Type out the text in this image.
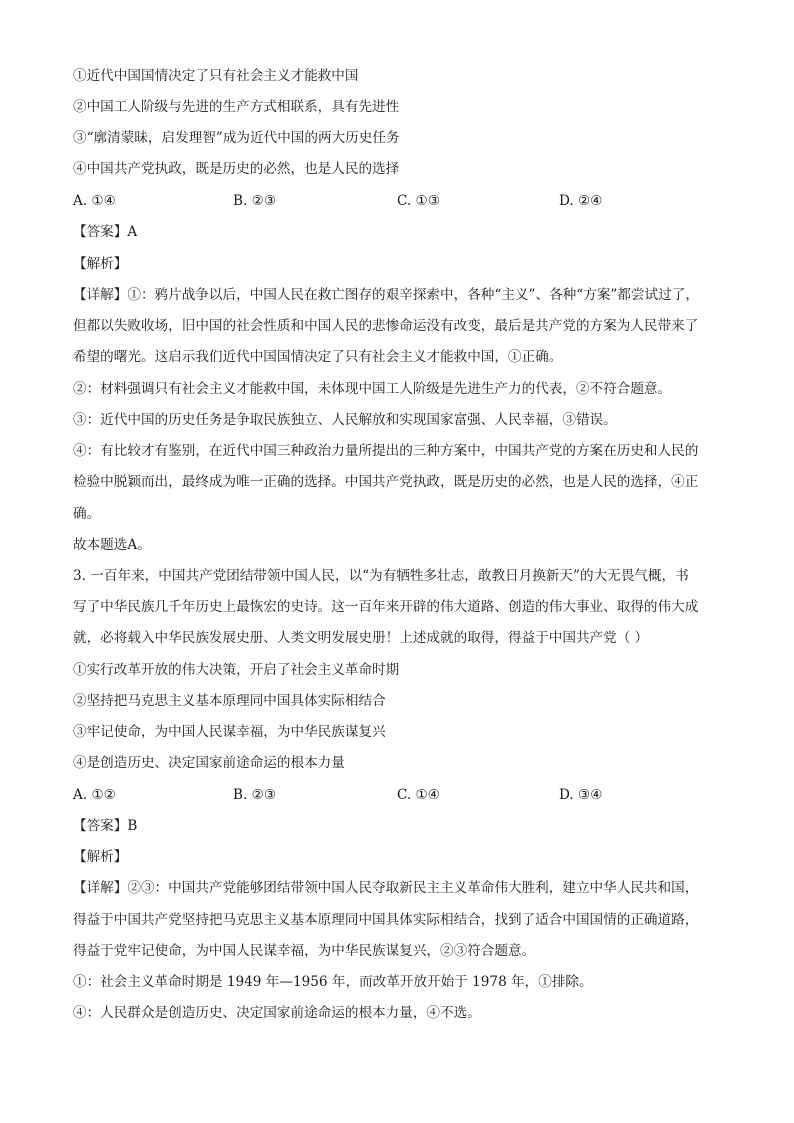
①近代中国国情决定了只有社会主义才能救中国
②中国工人阶级与先进的生产方式相联系，具有先进性
③“廓清蒙昧，启发理智”成为近代中国的两大历史任务
④中国共产党执政，既是历史的必然，也是人民的选择
A. ①④	B. ②③	C. ①③	D. ②④
【答案】A
【解析】
【详解】①：鸦片战争以后，中国人民在救亡图存的艰辛探索中，各种“主义”、各种“方案”都尝试过了，
但都以失败收场，旧中国的社会性质和中国人民的悲惨命运没有改变，最后是共产党的方案为人民带来了
希望的曙光。这启示我们近代中国国情决定了只有社会主义才能救中国，①正确。
②：材料强调只有社会主义才能救中国，未体现中国工人阶级是先进生产力的代表，②不符合题意。
③：近代中国的历史任务是争取民族独立、人民解放和实现国家富强、人民幸福，③错误。
④：有比较才有鉴别，在近代中国三种政治力量所提出的三种方案中，中国共产党的方案在历史和人民的
检验中脱颖而出，最终成为唯一正确的选择。中国共产党执政，既是历史的必然，也是人民的选择，④正
确。
故本题选A。
3. 一百年来，中国共产党团结带领中国人民，以“为有牺牲多壮志，敢教日月换新天”的大无畏气概，书
写了中华民族几千年历史上最恢宏的史诗。这一百年来开辟的伟大道路、创造的伟大事业、取得的伟大成
就，必将载入中华民族发展史册、人类文明发展史册！上述成就的取得，得益于中国共产党（ ）
①实行改革开放的伟大决策，开启了社会主义革命时期
②坚持把马克思主义基本原理同中国具体实际相结合
③牢记使命，为中国人民谋幸福，为中华民族谋复兴
④是创造历史、决定国家前途命运的根本力量
A. ①②	B. ②③	C. ①④	D. ③④
【答案】B
【解析】
【详解】②③：中国共产党能够团结带领中国人民夺取新民主主义革命伟大胜利，建立中华人民共和国，
得益于中国共产党坚持把马克思主义基本原理同中国具体实际相结合，找到了适合中国国情的正确道路，
得益于党牢记使命，为中国人民谋幸福，为中华民族谋复兴，②③符合题意。
①：社会主义革命时期是 1949 年—1956 年，而改革开放开始于 1978 年，①排除。
④：人民群众是创造历史、决定国家前途命运的根本力量，④不选。
